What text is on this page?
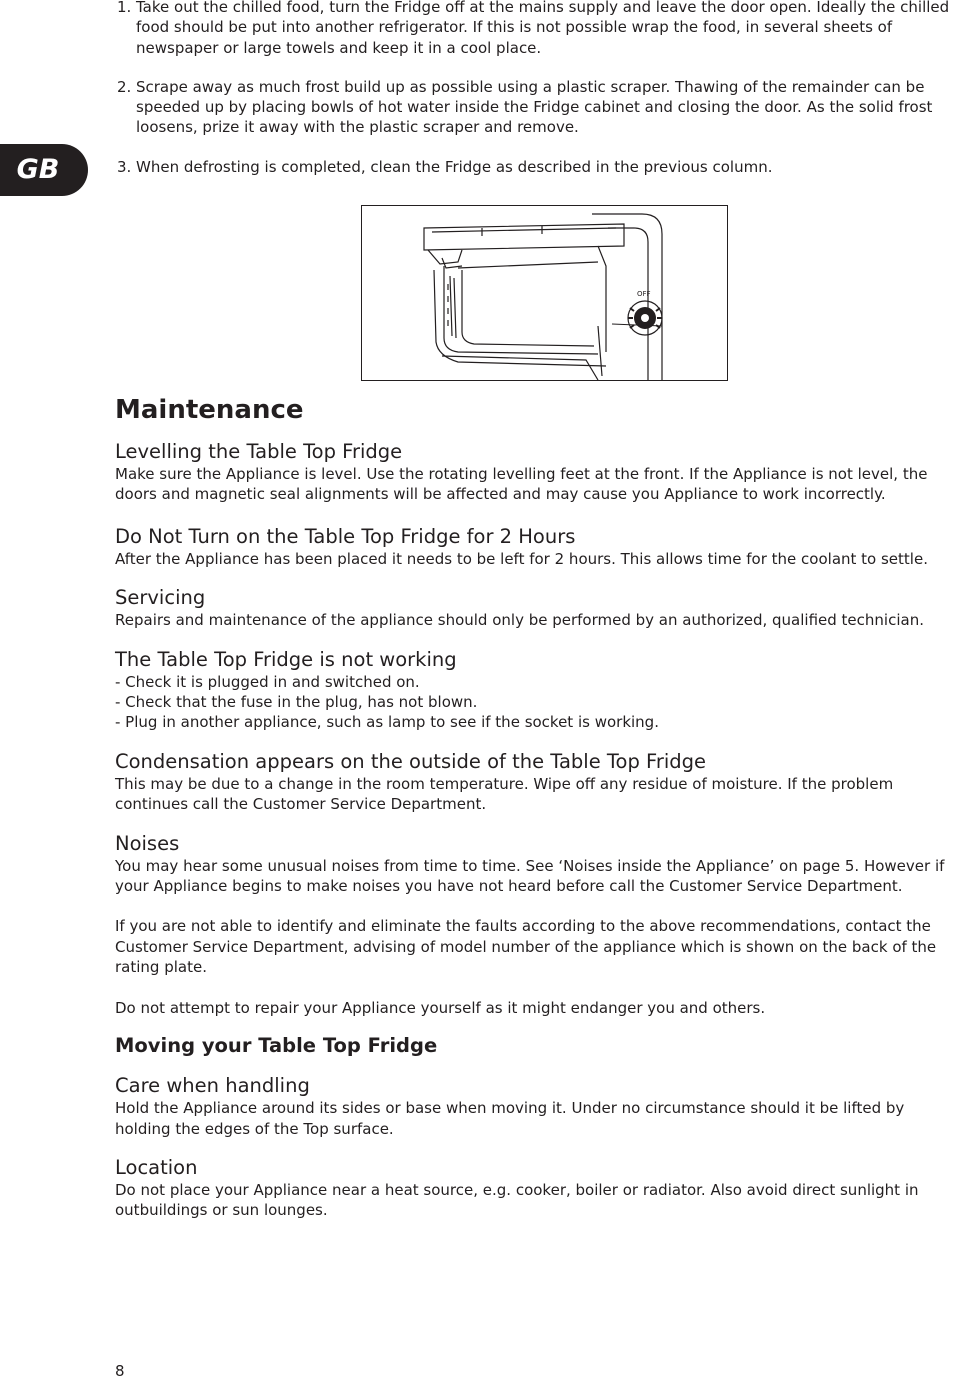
GB
1. Take out the chilled food, turn the Fridge off at the mains supply and leave the door open. Ideally the chilled food should be put into another refrigerator. If this is not possible wrap the food, in several sheets of newspaper or large towels and keep it in a cool place.
2. Scrape away as much frost build up as possible using a plastic scraper. Thawing of the remainder can be speeded up by placing bowls of hot water inside the Fridge cabinet and closing the door. As the solid frost loosens, prize it away with the plastic scraper and remove.
3. When defrosting is completed, clean the Fridge as described in the previous column.
OFF
Maintenance
Levelling the Table Top Fridge
Make sure the Appliance is level. Use the rotating levelling feet at the front. If the Appliance is not level, the doors and magnetic seal alignments will be affected and may cause you Appliance to work incorrectly.
Do Not Turn on the Table Top Fridge for 2 Hours
After the Appliance has been placed it needs to be left for 2 hours. This allows time for the coolant to settle.
Servicing
Repairs and maintenance of the appliance should only be performed by an authorized, qualified technician.
The Table Top Fridge is not working
- Check it is plugged in and switched on.
- Check that the fuse in the plug, has not blown.
- Plug in another appliance, such as lamp to see if the socket is working.
Condensation appears on the outside of the Table Top Fridge
This may be due to a change in the room temperature. Wipe off any residue of moisture. If the problem continues call the Customer Service Department.
Noises
You may hear some unusual noises from time to time. See ‘Noises inside the Appliance’ on page 5. However if your Appliance begins to make noises you have not heard before call the Customer Service Department.
If you are not able to identify and eliminate the faults according to the above recommendations, contact the Customer Service Department, advising of model number of the appliance which is shown on the back of the rating plate.
Do not attempt to repair your Appliance yourself as it might endanger you and others.
Moving your Table Top Fridge
Care when handling
Hold the Appliance around its sides or base when moving it. Under no circumstance should it be lifted by holding the edges of the Top surface.
Location
Do not place your Appliance near a heat source, e.g. cooker, boiler or radiator. Also avoid direct sunlight in outbuildings or sun lounges.
8
